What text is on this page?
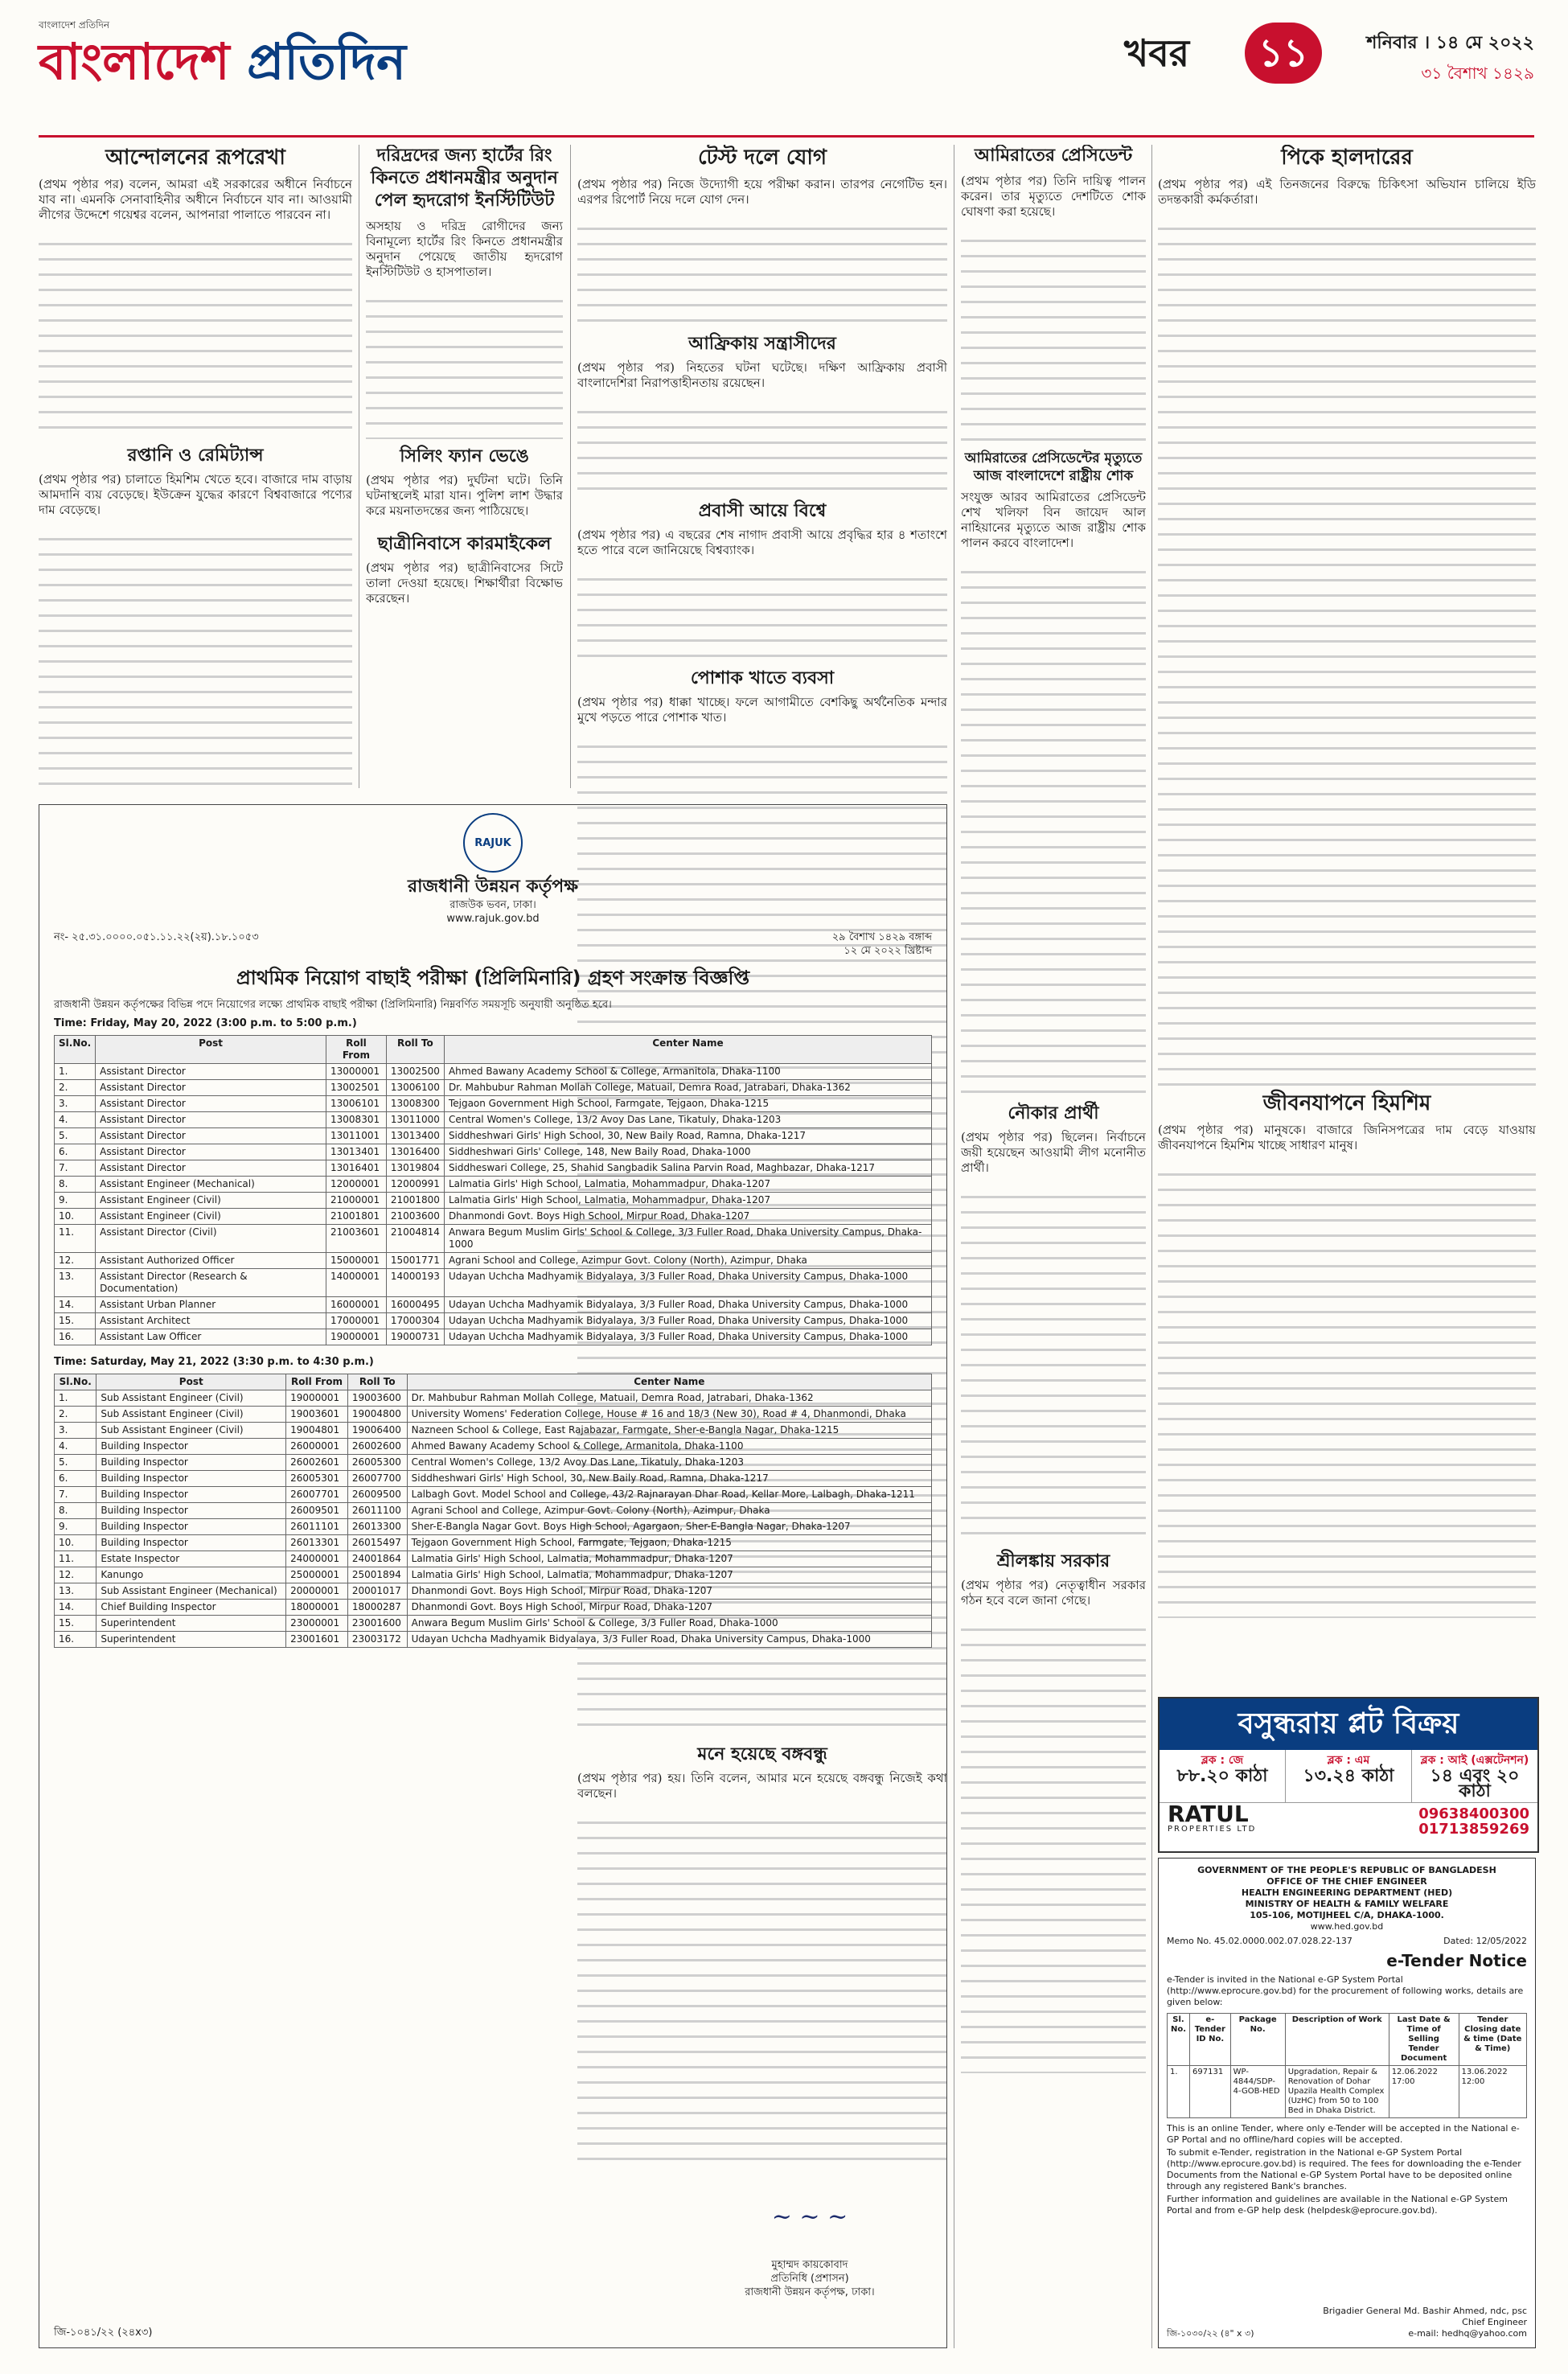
বাংলাদেশ প্রতিদিন
বাংলাদেশ প্রতিদিন	খবর	১১	শনিবার । ১৪ মে ২০২২
৩১ বৈশাখ ১৪২৯
আন্দোলনের রূপরেখা

(প্রথম পৃষ্ঠার পর) বলেন, আমরা এই সরকারের অধীনে নির্বাচনে যাব না। এমনকি সেনাবাহিনীর অধীনে নির্বাচনে যাব না। আওয়ামী লীগের উদ্দেশে গয়েশ্বর বলেন, আপনারা পালাতে পারবেন না।

রপ্তানি ও রেমিট্যান্স

(প্রথম পৃষ্ঠার পর) চালাতে হিমশিম খেতে হবে। বাজারে দাম বাড়ায় আমদানি ব্যয় বেড়েছে। ইউক্রেন যুদ্ধের কারণে বিশ্ববাজারে পণ্যের দাম বেড়েছে।

দরিদ্রদের জন্য হার্টের রিং কিনতে প্রধানমন্ত্রীর অনুদান পেল হৃদরোগ ইনস্টিটিউট

অসহায় ও দরিদ্র রোগীদের জন্য বিনামূল্যে হার্টের রিং কিনতে প্রধানমন্ত্রীর অনুদান পেয়েছে জাতীয় হৃদরোগ ইনস্টিটিউট ও হাসপাতাল।

সিলিং ফ্যান ভেঙে

(প্রথম পৃষ্ঠার পর) দুর্ঘটনা ঘটে। তিনি ঘটনাস্থলেই মারা যান। পুলিশ লাশ উদ্ধার করে ময়নাতদন্তের জন্য পাঠিয়েছে।

ছাত্রীনিবাসে কারমাইকেল

(প্রথম পৃষ্ঠার পর) ছাত্রীনিবাসের সিটে তালা দেওয়া হয়েছে। শিক্ষার্থীরা বিক্ষোভ করেছেন।

টেস্ট দলে যোগ

(প্রথম পৃষ্ঠার পর) নিজে উদ্যোগী হয়ে পরীক্ষা করান। তারপর নেগেটিভ হন। এরপর রিপোর্ট নিয়ে দলে যোগ দেন।

আফ্রিকায় সন্ত্রাসীদের

(প্রথম পৃষ্ঠার পর) নিহতের ঘটনা ঘটেছে। দক্ষিণ আফ্রিকায় প্রবাসী বাংলাদেশিরা নিরাপত্তাহীনতায় রয়েছেন।

প্রবাসী আয়ে বিশ্বে

(প্রথম পৃষ্ঠার পর) এ বছরের শেষ নাগাদ প্রবাসী আয়ে প্রবৃদ্ধির হার ৪ শতাংশে হতে পারে বলে জানিয়েছে বিশ্বব্যাংক।

পোশাক খাতে ব্যবসা

(প্রথম পৃষ্ঠার পর) ধাক্কা খাচ্ছে। ফলে আগামীতে বেশকিছু অর্থনৈতিক মন্দার মুখে পড়তে পারে পোশাক খাত।

মনে হয়েছে বঙ্গবন্ধু

(প্রথম পৃষ্ঠার পর) হয়। তিনি বলেন, আমার মনে হয়েছে বঙ্গবন্ধু নিজেই কথা বলছেন।

আমিরাতের প্রেসিডেন্ট

(প্রথম পৃষ্ঠার পর) তিনি দায়িত্ব পালন করেন। তার মৃত্যুতে দেশটিতে শোক ঘোষণা করা হয়েছে।

আমিরাতের প্রেসিডেন্টের মৃত্যুতে আজ বাংলাদেশে রাষ্ট্রীয় শোক

সংযুক্ত আরব আমিরাতের প্রেসিডেন্ট শেখ খলিফা বিন জায়েদ আল নাহিয়ানের মৃত্যুতে আজ রাষ্ট্রীয় শোক পালন করবে বাংলাদেশ।

নৌকার প্রার্থী

(প্রথম পৃষ্ঠার পর) ছিলেন। নির্বাচনে জয়ী হয়েছেন আওয়ামী লীগ মনোনীত প্রার্থী।

শ্রীলঙ্কায় সরকার

(প্রথম পৃষ্ঠার পর) নেতৃত্বাধীন সরকার গঠন হবে বলে জানা গেছে।

পিকে হালদারের

(প্রথম পৃষ্ঠার পর) এই তিনজনের বিরুদ্ধে চিকিৎসা অভিযান চালিয়ে ইডি তদন্তকারী কর্মকর্তারা।

জীবনযাপনে হিমশিম

(প্রথম পৃষ্ঠার পর) মানুষকে। বাজারে জিনিসপত্রের দাম বেড়ে যাওয়ায় জীবনযাপনে হিমশিম খাচ্ছে সাধারণ মানুষ।

RAJUK
রাজধানী উন্নয়ন কর্তৃপক্ষ
রাজউক ভবন, ঢাকা।
www.rajuk.gov.bd
নং- ২৫.৩১.০০০০.০৫১.১১.২২(২য়).১৮.১০৫৩	২৯ বৈশাখ ১৪২৯ বঙ্গাব্দ
১২ মে ২০২২ খ্রিষ্টাব্দ
প্রাথমিক নিয়োগ বাছাই পরীক্ষা (প্রিলিমিনারি) গ্রহণ সংক্রান্ত বিজ্ঞপ্তি

রাজধানী উন্নয়ন কর্তৃপক্ষের বিভিন্ন পদে নিয়োগের লক্ষ্যে প্রাথমিক বাছাই পরীক্ষা (প্রিলিমিনারি) নিম্নবর্ণিত সময়সূচি অনুযায়ী অনুষ্ঠিত হবে।

Time: Friday, May 20, 2022 (3:00 p.m. to 5:00 p.m.)
Sl.No.	Post	Roll From	Roll To	Center Name
1.	Assistant Director	13000001	13002500	Ahmed Bawany Academy School & College, Armanitola, Dhaka-1100
2.	Assistant Director	13002501	13006100	Dr. Mahbubur Rahman Mollah College, Matuail, Demra Road, Jatrabari, Dhaka-1362
3.	Assistant Director	13006101	13008300	Tejgaon Government High School, Farmgate, Tejgaon, Dhaka-1215
4.	Assistant Director	13008301	13011000	Central Women's College, 13/2 Avoy Das Lane, Tikatuly, Dhaka-1203
5.	Assistant Director	13011001	13013400	Siddheshwari Girls' High School, 30, New Baily Road, Ramna, Dhaka-1217
6.	Assistant Director	13013401	13016400	Siddheshwari Girls' College, 148, New Baily Road, Dhaka-1000
7.	Assistant Director	13016401	13019804	Siddheswari College, 25, Shahid Sangbadik Salina Parvin Road, Maghbazar, Dhaka-1217
8.	Assistant Engineer (Mechanical)	12000001	12000991	Lalmatia Girls' High School, Lalmatia, Mohammadpur, Dhaka-1207
9.	Assistant Engineer (Civil)	21000001	21001800	Lalmatia Girls' High School, Lalmatia, Mohammadpur, Dhaka-1207
10.	Assistant Engineer (Civil)	21001801	21003600	Dhanmondi Govt. Boys High School, Mirpur Road, Dhaka-1207
11.	Assistant Director (Civil)	21003601	21004814	Anwara Begum Muslim Girls' School & College, 3/3 Fuller Road, Dhaka University Campus, Dhaka-1000
12.	Assistant Authorized Officer	15000001	15001771	Agrani School and College, Azimpur Govt. Colony (North), Azimpur, Dhaka
13.	Assistant Director (Research & Documentation)	14000001	14000193	Udayan Uchcha Madhyamik Bidyalaya, 3/3 Fuller Road, Dhaka University Campus, Dhaka-1000
14.	Assistant Urban Planner	16000001	16000495	Udayan Uchcha Madhyamik Bidyalaya, 3/3 Fuller Road, Dhaka University Campus, Dhaka-1000
15.	Assistant Architect	17000001	17000304	Udayan Uchcha Madhyamik Bidyalaya, 3/3 Fuller Road, Dhaka University Campus, Dhaka-1000
16.	Assistant Law Officer	19000001	19000731	Udayan Uchcha Madhyamik Bidyalaya, 3/3 Fuller Road, Dhaka University Campus, Dhaka-1000
Time: Saturday, May 21, 2022 (3:30 p.m. to 4:30 p.m.)
Sl.No.	Post	Roll From	Roll To	Center Name
1.	Sub Assistant Engineer (Civil)	19000001	19003600	Dr. Mahbubur Rahman Mollah College, Matuail, Demra Road, Jatrabari, Dhaka-1362
2.	Sub Assistant Engineer (Civil)	19003601	19004800	University Womens' Federation College, House # 16 and 18/3 (New 30), Road # 4, Dhanmondi, Dhaka
3.	Sub Assistant Engineer (Civil)	19004801	19006400	Nazneen School & College, East Rajabazar, Farmgate, Sher-e-Bangla Nagar, Dhaka-1215
4.	Building Inspector	26000001	26002600	Ahmed Bawany Academy School & College, Armanitola, Dhaka-1100
5.	Building Inspector	26002601	26005300	Central Women's College, 13/2 Avoy Das Lane, Tikatuly, Dhaka-1203
6.	Building Inspector	26005301	26007700	Siddheshwari Girls' High School, 30, New Baily Road, Ramna, Dhaka-1217
7.	Building Inspector	26007701	26009500	Lalbagh Govt. Model School and College, 43/2 Rajnarayan Dhar Road, Kellar More, Lalbagh, Dhaka-1211
8.	Building Inspector	26009501	26011100	Agrani School and College, Azimpur Govt. Colony (North), Azimpur, Dhaka
9.	Building Inspector	26011101	26013300	Sher-E-Bangla Nagar Govt. Boys High School, Agargaon, Sher-E-Bangla Nagar, Dhaka-1207
10.	Building Inspector	26013301	26015497	Tejgaon Government High School, Farmgate, Tejgaon, Dhaka-1215
11.	Estate Inspector	24000001	24001864	Lalmatia Girls' High School, Lalmatia, Mohammadpur, Dhaka-1207
12.	Kanungo	25000001	25001894	Lalmatia Girls' High School, Lalmatia, Mohammadpur, Dhaka-1207
13.	Sub Assistant Engineer (Mechanical)	20000001	20001017	Dhanmondi Govt. Boys High School, Mirpur Road, Dhaka-1207
14.	Chief Building Inspector	18000001	18000287	Dhanmondi Govt. Boys High School, Mirpur Road, Dhaka-1207
15.	Superintendent	23000001	23001600	Anwara Begum Muslim Girls' School & College, 3/3 Fuller Road, Dhaka-1000
16.	Superintendent	23001601	23003172	Udayan Uchcha Madhyamik Bidyalaya, 3/3 Fuller Road, Dhaka University Campus, Dhaka-1000
~ ~ ~
মুহাম্মদ কায়কোবাদ
প্রতিনিধি (প্রশাসন)
রাজধানী উন্নয়ন কর্তৃপক্ষ, ঢাকা।
জি-১০৪১/২২ (২৪x৩)
বসুন্ধরায় প্লট বিক্রয়
ব্লক : জে
৮৮.২০ কাঠা
ব্লক : এম
১৩.২৪ কাঠা
ব্লক : আই (এক্সটেনশন)
১৪ এবং ২০ কাঠা
RATUL
PROPERTIES LTD
09638400300
01713859269
GOVERNMENT OF THE PEOPLE'S REPUBLIC OF BANGLADESH
OFFICE OF THE CHIEF ENGINEER
HEALTH ENGINEERING DEPARTMENT (HED)
MINISTRY OF HEALTH & FAMILY WELFARE
105-106, MOTIJHEEL C/A, DHAKA-1000.
www.hed.gov.bd
Memo No. 45.02.0000.002.07.028.22-137	Dated: 12/05/2022
e-Tender Notice

e-Tender is invited in the National e-GP System Portal (http://www.eprocure.gov.bd) for the procurement of following works, details are given below:

Sl. No.	e-Tender ID No.	Package No.	Description of Work	Last Date & Time of Selling Tender Document	Tender Closing date & time (Date & Time)
1.	697131	WP-4844/SDP-4-GOB-HED	Upgradation, Repair & Renovation of Dohar Upazila Health Complex (UzHC) from 50 to 100 Bed in Dhaka District.	12.06.2022 17:00	13.06.2022 12:00

This is an online Tender, where only e-Tender will be accepted in the National e-GP Portal and no offline/hard copies will be accepted.

To submit e-Tender, registration in the National e-GP System Portal (http://www.eprocure.gov.bd) is required. The fees for downloading the e-Tender Documents from the National e-GP System Portal have to be deposited online through any registered Bank's branches.

Further information and guidelines are available in the National e-GP System Portal and from e-GP help desk (helpdesk@eprocure.gov.bd).

জি-১০৩০/২২ (৪" x ৩)
Brigadier General Md. Bashir Ahmed, ndc, psc
Chief Engineer
e-mail: hedhq@yahoo.com
